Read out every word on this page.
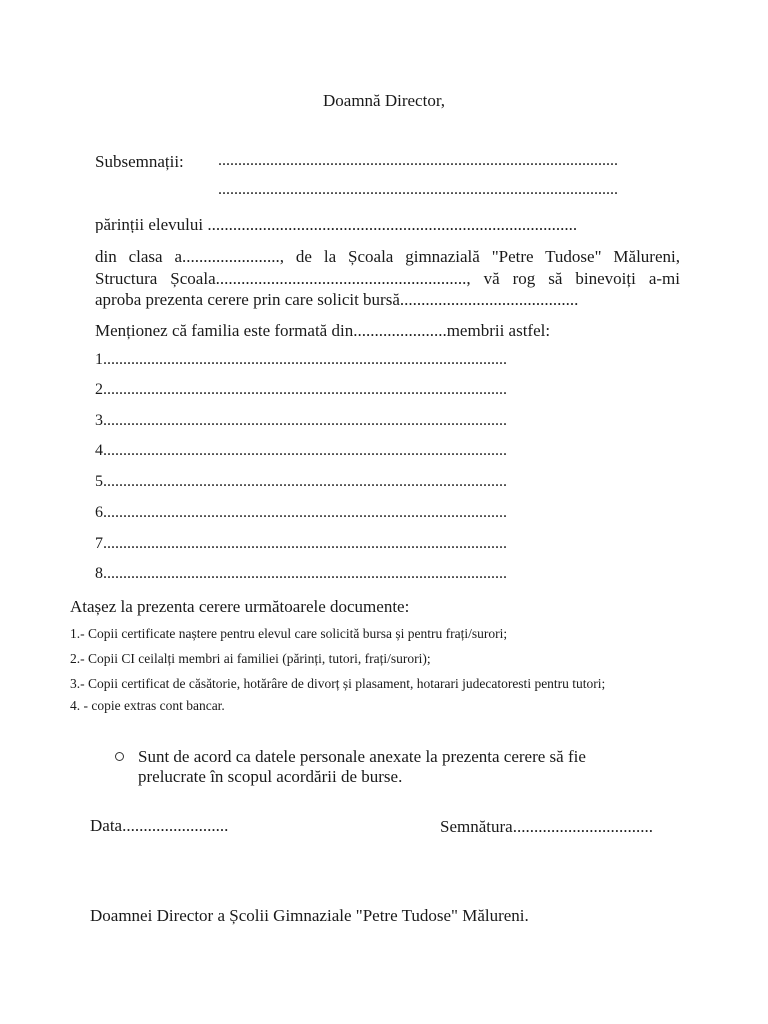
Doamnă Director,
Subsemnații: ....................................................................................................
....................................................................................................
părinții elevului .......................................................................................
din clasa a......................., de la Școala gimnazială "Petre Tudose" Mălureni,
Structura Școala..........................................................., vă rog să binevoiți a-mi
aproba prezenta cerere prin care solicit bursă..........................................
Menționez că familia este formată din......................membrii astfel:
1.....................................................................................................
2.....................................................................................................
3.....................................................................................................
4.....................................................................................................
5.....................................................................................................
6.....................................................................................................
7.....................................................................................................
8.....................................................................................................
Atașez la prezenta cerere următoarele documente:
1.- Copii certificate naștere pentru elevul care solicită bursa și pentru frați/surori;
2.- Copii CI ceilalți membri ai familiei (părinți, tutori, frați/surori);
3.- Copii certificat de căsătorie, hotărâre de divorț și plasament, hotarari judecatoresti pentru tutori;
4. - copie extras cont bancar.
Sunt de acord ca datele personale anexate la prezenta cerere să fie
prelucrate în scopul acordării de burse.
Data.........................	Semnătura.................................
Doamnei Director a Școlii Gimnaziale "Petre Tudose" Mălureni.
